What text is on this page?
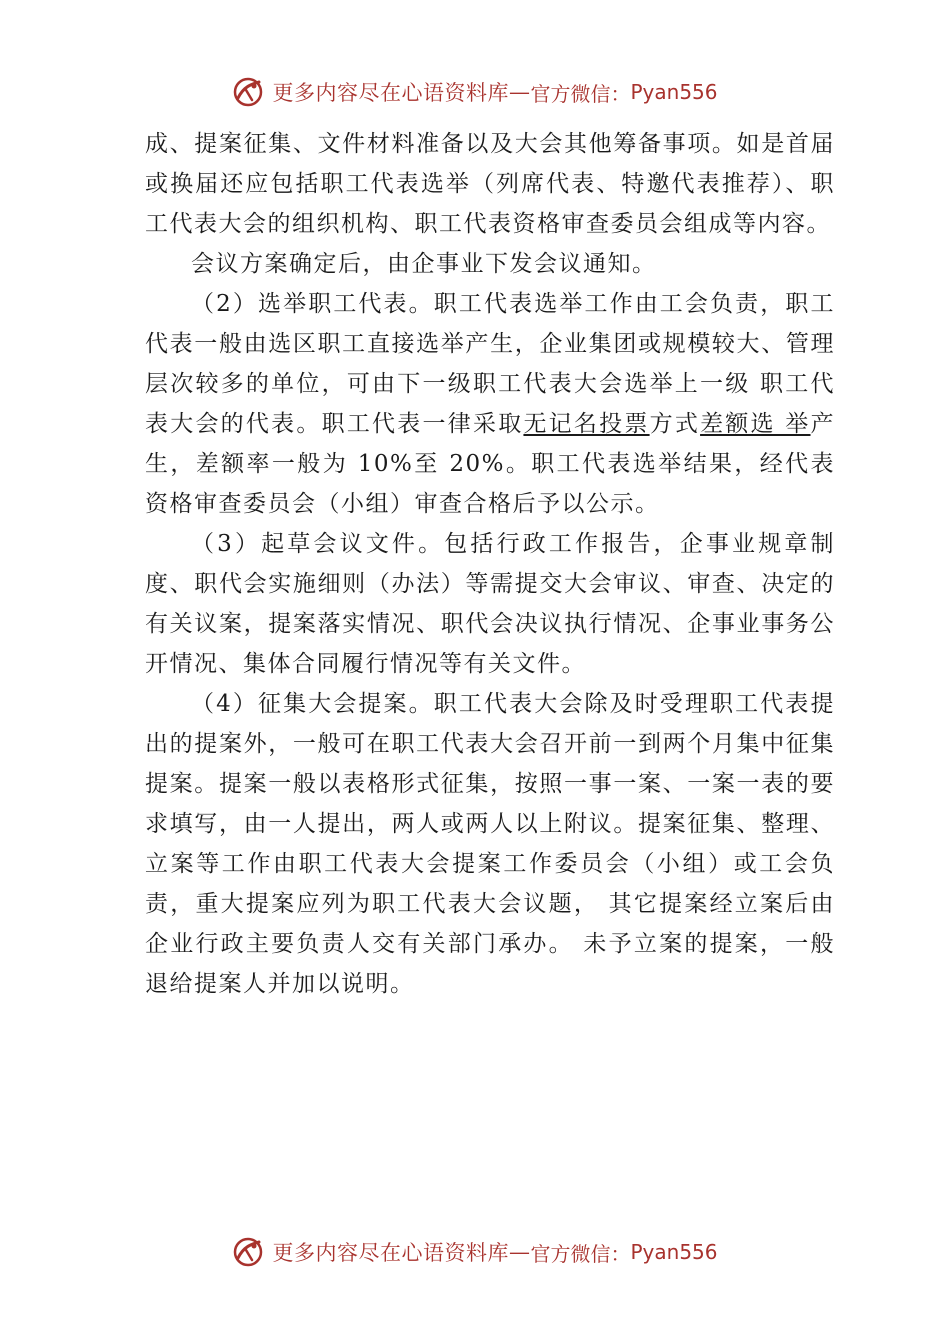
更多内容尽在心语资料库 — 官方微信： Pyan556

成、提案征集、文件材料准备以及大会其他筹备事项。如是首届或换届还应包括职工代表选举（列席代表、特邀代表推荐）、职工代表大会的组织机构、职工代表资格审查委员会组成等内容。

会议方案确定后，由企事业下发会议通知。

（2）选举职工代表。职工代表选举工作由工会负责，职工代表一般由选区职工直接选举产生，企业集团或规模较大、管理层次较多的单位，可由下一级职工代表大会选举上一级 职工代表大会的代表。职工代表一律采取无记名投票方式差额选 举产生，差额率一般为 10%至 20%。职工代表选举结果，经代表资格审查委员会（小组）审查合格后予以公示。

（3）起草会议文件。包括行政工作报告，企事业规章制度、职代会实施细则（办法）等需提交大会审议、审查、决定的有关议案，提案落实情况、职代会决议执行情况、企事业事务公开情况、集体合同履行情况等有关文件。

（4）征集大会提案。职工代表大会除及时受理职工代表提出的提案外，一般可在职工代表大会召开前一到两个月集中征集提案。提案一般以表格形式征集，按照一事一案、一案一表的要求填写，由一人提出，两人或两人以上附议。提案征集、整理、立案等工作由职工代表大会提案工作委员会（小组）或工会负责，重大提案应列为职工代表大会议题， 其它提案经立案后由企业行政主要负责人交有关部门承办。 未予立案的提案，一般退给提案人并加以说明。

更多内容尽在心语资料库 — 官方微信： Pyan556
